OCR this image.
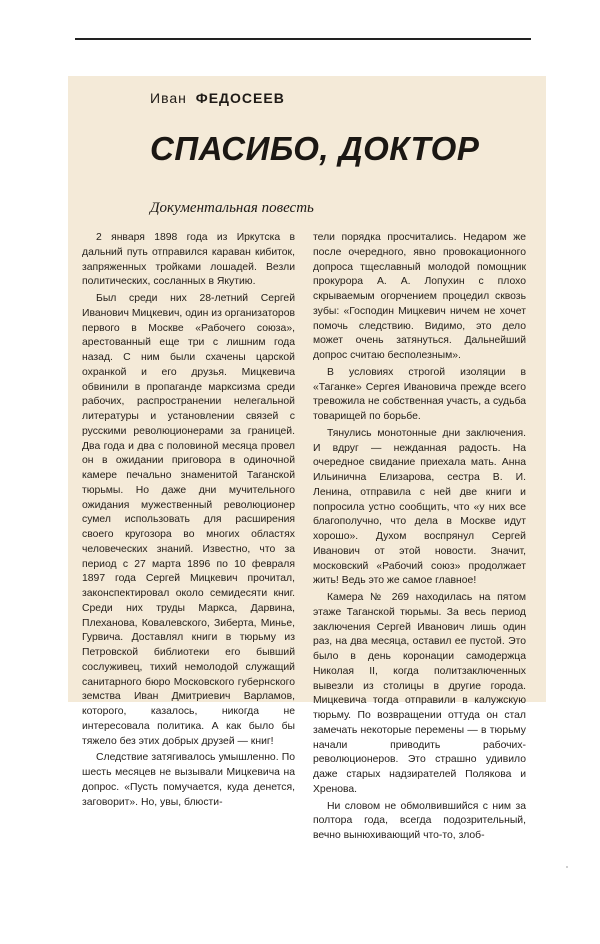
Иван ФЕДОСЕЕВ
СПАСИБО, ДОКТОР
Документальная повесть

2 января 1898 года из Иркутска в дальний путь отправился караван кибиток, запряженных тройками лошадей. Везли политических, сосланных в Якутию.

Был среди них 28-летний Сергей Иванович Мицкевич, один из организаторов первого в Москве «Рабочего союза», арестованный еще три с лишним года назад. С ним были схачены царской охранкой и его друзья. Мицкевича обвинили в пропаганде марксизма среди рабочих, распространении нелегальной литературы и установлении связей с русскими революционерами за границей. Два года и два с половиной месяца провел он в ожидании приговора в одиночной камере печально знаменитой Таганской тюрьмы. Но даже дни мучительного ожидания мужественный революционер сумел использовать для расширения своего кругозора во многих областях человеческих знаний. Известно, что за период с 27 марта 1896 по 10 февраля 1897 года Сергей Мицкевич прочитал, законспектировал около семидесяти книг. Среди них труды Маркса, Дарвина, Плеханова, Ковалевского, Зиберта, Минье, Гурвича. Доставлял книги в тюрьму из Петровской библиотеки его бывший сослуживец, тихий немолодой служащий санитарного бюро Московского губернского земства Иван Дмитриевич Варламов, которого, казалось, никогда не интересовала политика. А как было бы тяжело без этих добрых друзей — книг!

Следствие затягивалось умышленно. По шесть месяцев не вызывали Мицкевича на допрос. «Пусть помучается, куда денется, заговорит». Но, увы, блюсти-

тели порядка просчитались. Недаром же после очередного, явно провокационного допроса тщеславный молодой помощник прокурора А. А. Лопухин с плохо скрываемым огорчением процедил сквозь зубы: «Господин Мицкевич ничем не хочет помочь следствию. Видимо, это дело может очень затянуться. Дальнейший допрос считаю бесполезным».

В условиях строгой изоляции в «Таганке» Сергея Ивановича прежде всего тревожила не собственная участь, а судьба товарищей по борьбе.

Тянулись монотонные дни заключения. И вдруг — нежданная радость. На очередное свидание приехала мать. Анна Ильинична Елизарова, сестра В. И. Ленина, отправила с ней две книги и попросила устно сообщить, что «у них все благополучно, что дела в Москве идут хорошо». Духом воспрянул Сергей Иванович от этой новости. Значит, московский «Рабочий союз» продолжает жить! Ведь это же самое главное!

Камера № 269 находилась на пятом этаже Таганской тюрьмы. За весь период заключения Сергей Иванович лишь один раз, на два месяца, оставил ее пустой. Это было в день коронации самодержца Николая II, когда политзаключенных вывезли из столицы в другие города. Мицкевича тогда отправили в калужскую тюрьму. По возвращении оттуда он стал замечать некоторые перемены — в тюрьму начали приводить рабочих-революционеров. Это страшно удивило даже старых надзирателей Полякова и Хренова.

Ни словом не обмолвившийся с ним за полтора года, всегда подозрительный, вечно вынюхивающий что-то, злоб-
